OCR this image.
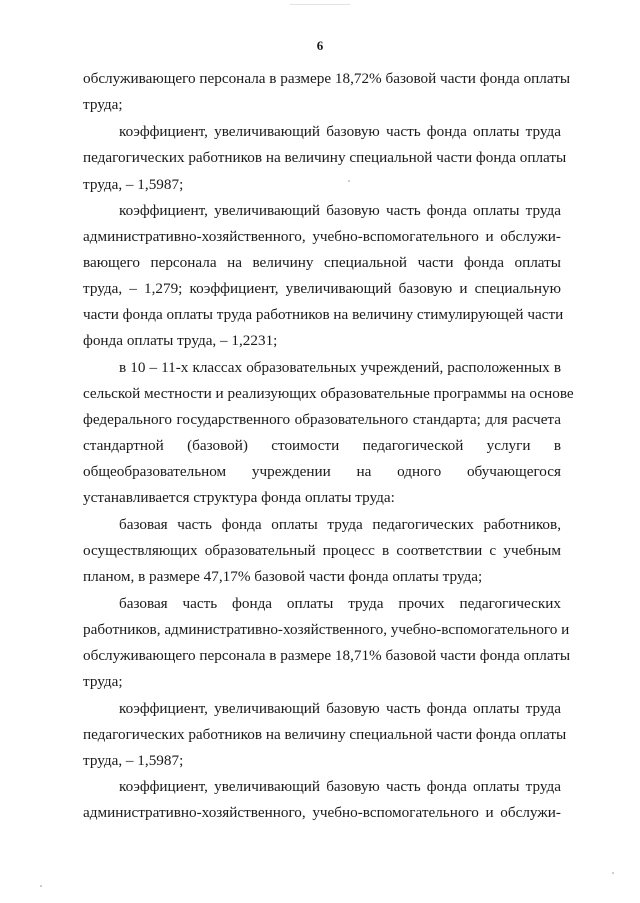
6
обслуживающего персонала в размере 18,72% базовой части фонда оплаты
труда;
коэффициент, увеличивающий базовую часть фонда оплаты труда
педагогических работников на величину специальной части фонда оплаты
труда, – 1,5987;
коэффициент, увеличивающий базовую часть фонда оплаты труда
административно-хозяйственного, учебно-вспомогательного и обслужи-
вающего персонала на величину специальной части фонда оплаты
труда, – 1,279; коэффициент, увеличивающий базовую и специальную
части фонда оплаты труда работников на величину стимулирующей части
фонда оплаты труда, – 1,2231;
в 10 – 11-х классах образовательных учреждений, расположенных в
сельской местности и реализующих образовательные программы на основе
федерального государственного образовательного стандарта; для расчета
стандартной (базовой) стоимости педагогической услуги в
общеобразовательном учреждении на одного обучающегося
устанавливается структура фонда оплаты труда:
базовая часть фонда оплаты труда педагогических работников,
осуществляющих образовательный процесс в соответствии с учебным
планом, в размере 47,17% базовой части фонда оплаты труда;
базовая часть фонда оплаты труда прочих педагогических
работников, административно-хозяйственного, учебно-вспомогательного и
обслуживающего персонала в размере 18,71% базовой части фонда оплаты
труда;
коэффициент, увеличивающий базовую часть фонда оплаты труда
педагогических работников на величину специальной части фонда оплаты
труда, – 1,5987;
коэффициент, увеличивающий базовую часть фонда оплаты труда
административно-хозяйственного, учебно-вспомогательного и обслужи-
